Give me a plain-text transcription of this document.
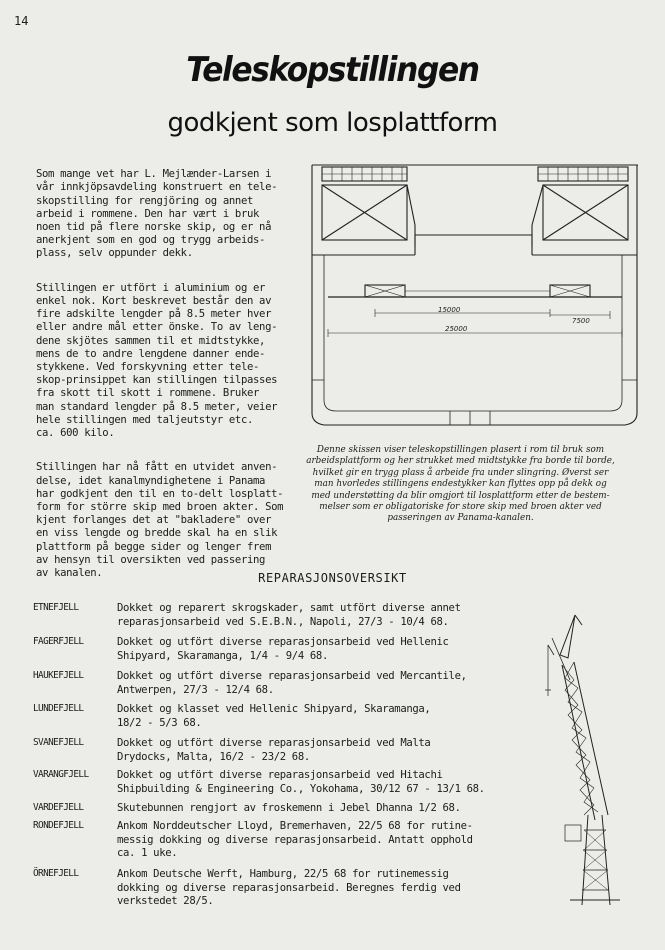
14
Teleskopstillingen
godkjent som losplattform

Som mange vet har L. Mejlænder-Larsen i
vår innkjöpsavdeling konstruert en tele-
skopstilling for rengjöring og annet
arbeid i rommene. Den har vært i bruk
noen tid på flere norske skip, og er nå
anerkjent som en god og trygg arbeids-
plass, selv oppunder dekk.

Stillingen er utfört i aluminium og er
enkel nok. Kort beskrevet består den av
fire adskilte lengder på 8.5 meter hver
eller andre mål etter önske. To av leng-
dene skjötes sammen til et midtstykke,
mens de to andre lengdene danner ende-
stykkene. Ved forskyvning etter tele-
skop-prinsippet kan stillingen tilpasses
fra skott til skott i rommene. Bruker
man standard lengder på 8.5 meter, veier
hele stillingen med taljeutstyr etc.
ca. 600 kilo.

Stillingen har nå fått en utvidet anven-
delse, idet kanalmyndighetene i Panama
har godkjent den til en to-delt losplatt-
form for större skip med broen akter. Som
kjent forlanges det at "bakladere" over
en viss lengde og bredde skal ha en slik
plattform på begge sider og lenger frem
av hensyn til oversikten ved passering
av kanalen.

15000
7500
25000
Denne skissen viser teleskopstillingen plasert i rom til bruk som
arbeidsplattform og her strukket med midtstykke fra borde til borde,
hvilket gir en trygg plass å arbeide fra under slingring. Øverst ser
man hvorledes stillingens endestykker kan flyttes opp på dekk og
med understøtting da blir omgjort til losplattform etter de bestem-
melser som er obligatoriske for store skip med broen akter ved
passeringen av Panama-kanalen.
REPARASJONSOVERSIKT
ETNEFJELL	Dokket og reparert skrogskader, samt utfört diverse annet
reparasjonsarbeid ved S.E.B.N., Napoli, 27/3 - 10/4 68.
FAGERFJELL	Dokket og utfört diverse reparasjonsarbeid ved Hellenic
Shipyard, Skaramanga, 1/4 - 9/4 68.
HAUKEFJELL	Dokket og utfört diverse reparasjonsarbeid ved Mercantile,
Antwerpen, 27/3 - 12/4 68.
LUNDEFJELL	Dokket og klasset ved Hellenic Shipyard, Skaramanga,
18/2 - 5/3 68.
SVANEFJELL	Dokket og utfört diverse reparasjonsarbeid ved Malta
Drydocks, Malta, 16/2 - 23/2 68.
VARANGFJELL	Dokket og utfört diverse reparasjonsarbeid ved Hitachi
Shipbuilding & Engineering Co., Yokohama, 30/12 67 - 13/1 68.
VARDEFJELL	Skutebunnen rengjort av froskemenn i Jebel Dhanna 1/2 68.
RONDEFJELL	Ankom Norddeutscher Lloyd, Bremerhaven, 22/5 68 for rutine-
messig dokking og diverse reparasjonsarbeid. Antatt opphold
ca. 1 uke.
ÖRNEFJELL	Ankom Deutsche Werft, Hamburg, 22/5 68 for rutinemessig
dokking og diverse reparasjonsarbeid. Beregnes ferdig ved
verkstedet 28/5.
